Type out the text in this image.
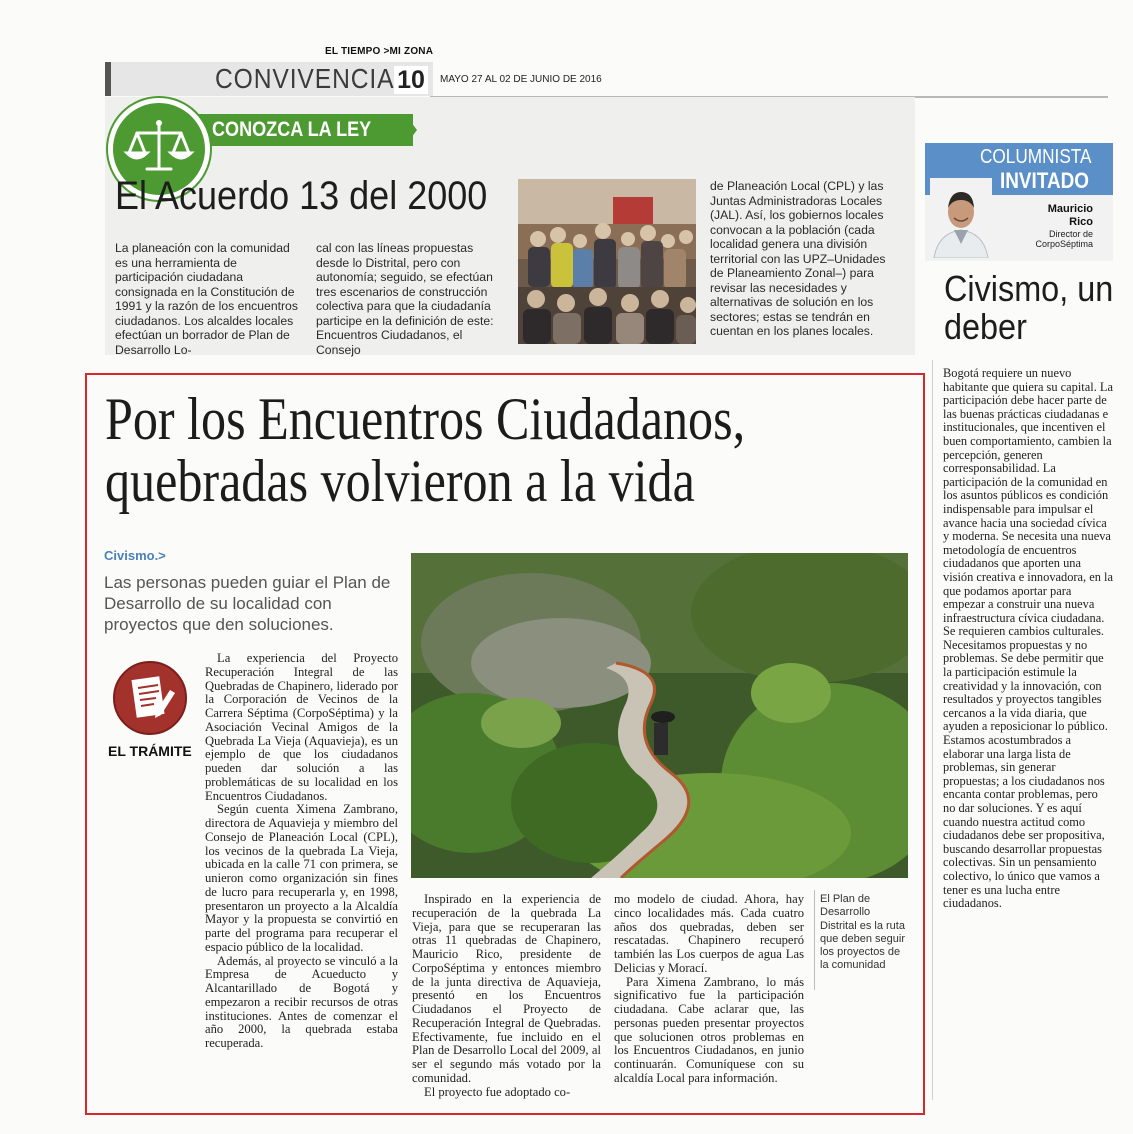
EL TIEMPO >MI ZONA
CONVIVENCIA 10	MAYO 27 AL 02 DE JUNIO DE 2016
CONOZCA LA LEY
El Acuerdo 13 del 2000

La planeación con la comunidad es una herramienta de participación ciudadana consignada en la Constitución de 1991 y la razón de los encuentros ciudadanos. Los alcaldes locales efectúan un borrador de Plan de Desarrollo Lo-

cal con las líneas propuestas desde lo Distrital, pero con autonomía; seguido, se efectúan tres escenarios de construcción colectiva para que la ciudadanía participe en la definición de este: Encuentros Ciudadanos, el Consejo

de Planeación Local (CPL) y las Juntas Administradoras Locales (JAL). Así, los gobiernos locales convocan a la población (cada localidad genera una división territorial con las UPZ–Unidades de Planeamiento Zonal–) para revisar las necesidades y alternativas de solución en los sectores; estas se tendrán en cuentan en los planes locales.

COLUMNISTA
INVITADO
Mauricio
Rico
Director de
CorpoSéptima
Civismo, un deber

Bogotá requiere un nuevo habitante que quiera su capital. La participación debe hacer parte de las buenas prácticas ciudadanas e institucionales, que incentiven el buen comportamiento, cambien la percepción, generen corresponsabilidad. La participación de la comunidad en los asuntos públicos es condición indispensable para impulsar el avance hacia una sociedad cívica y moderna. Se necesita una nueva metodología de encuentros ciudadanos que aporten una visión creativa e innovadora, en la que podamos aportar para empezar a construir una nueva infraestructura cívica ciudadana. Se requieren cambios culturales. Necesitamos propuestas y no problemas. Se debe permitir que la participación estimule la creatividad y la innovación, con resultados y proyectos tangibles cercanos a la vida diaria, que ayuden a reposicionar lo público. Estamos acostumbrados a elaborar una larga lista de problemas, sin generar propuestas; a los ciudadanos nos encanta contar problemas, pero no dar soluciones. Y es aquí cuando nuestra actitud como ciudadanos debe ser propositiva, buscando desarrollar propuestas colectivas. Sin un pensamiento colectivo, lo único que vamos a tener es una lucha entre ciudadanos.

Por los Encuentros Ciudadanos,
quebradas volvieron a la vida
Civismo.>
Las personas pueden guiar el Plan de Desarrollo de su localidad con proyectos que den soluciones.
EL TRÁMITE

La experiencia del Proyecto Recuperación Integral de las Quebradas de Chapinero, liderado por la Corporación de Vecinos de la Carrera Séptima (CorpoSéptima) y la Asociación Vecinal Amigos de la Quebrada La Vieja (Aquavieja), es un ejemplo de que los ciudadanos pueden dar solución a las problemáticas de su localidad en los Encuentros Ciudadanos.

Según cuenta Ximena Zambrano, directora de Aquavieja y miembro del Consejo de Planeación Local (CPL), los vecinos de la quebrada La Vieja, ubicada en la calle 71 con primera, se unieron como organización sin fines de lucro para recuperarla y, en 1998, presentaron un proyecto a la Alcaldía Mayor y la propuesta se convirtió en parte del programa para recuperar el espacio público de la localidad.

Además, al proyecto se vinculó a la Empresa de Acueducto y Alcantarillado de Bogotá y empezaron a recibir recursos de otras instituciones. Antes de comenzar el año 2000, la quebrada estaba recuperada.

Inspirado en la experiencia de recuperación de la quebrada La Vieja, para que se recuperaran las otras 11 quebradas de Chapinero, Mauricio Rico, presidente de CorpoSéptima y entonces miembro de la junta directiva de Aquavieja, presentó en los Encuentros Ciudadanos el Proyecto de Recuperación Integral de Quebradas. Efectivamente, fue incluido en el Plan de Desarrollo Local del 2009, al ser el segundo más votado por la comunidad.

El proyecto fue adoptado co-

mo modelo de ciudad. Ahora, hay cinco localidades más. Cada cuatro años dos quebradas, deben ser rescatadas. Chapinero recuperó también las Los cuerpos de agua Las Delicias y Morací.

Para Ximena Zambrano, lo más significativo fue la participación ciudadana. Cabe aclarar que, las personas pueden presentar proyectos que solucionen otros problemas en los Encuentros Ciudadanos, en junio continuarán. Comuníquese con su alcaldía Local para información.

El Plan de Desarrollo Distrital es la ruta que deben seguir los proyectos de la comunidad
